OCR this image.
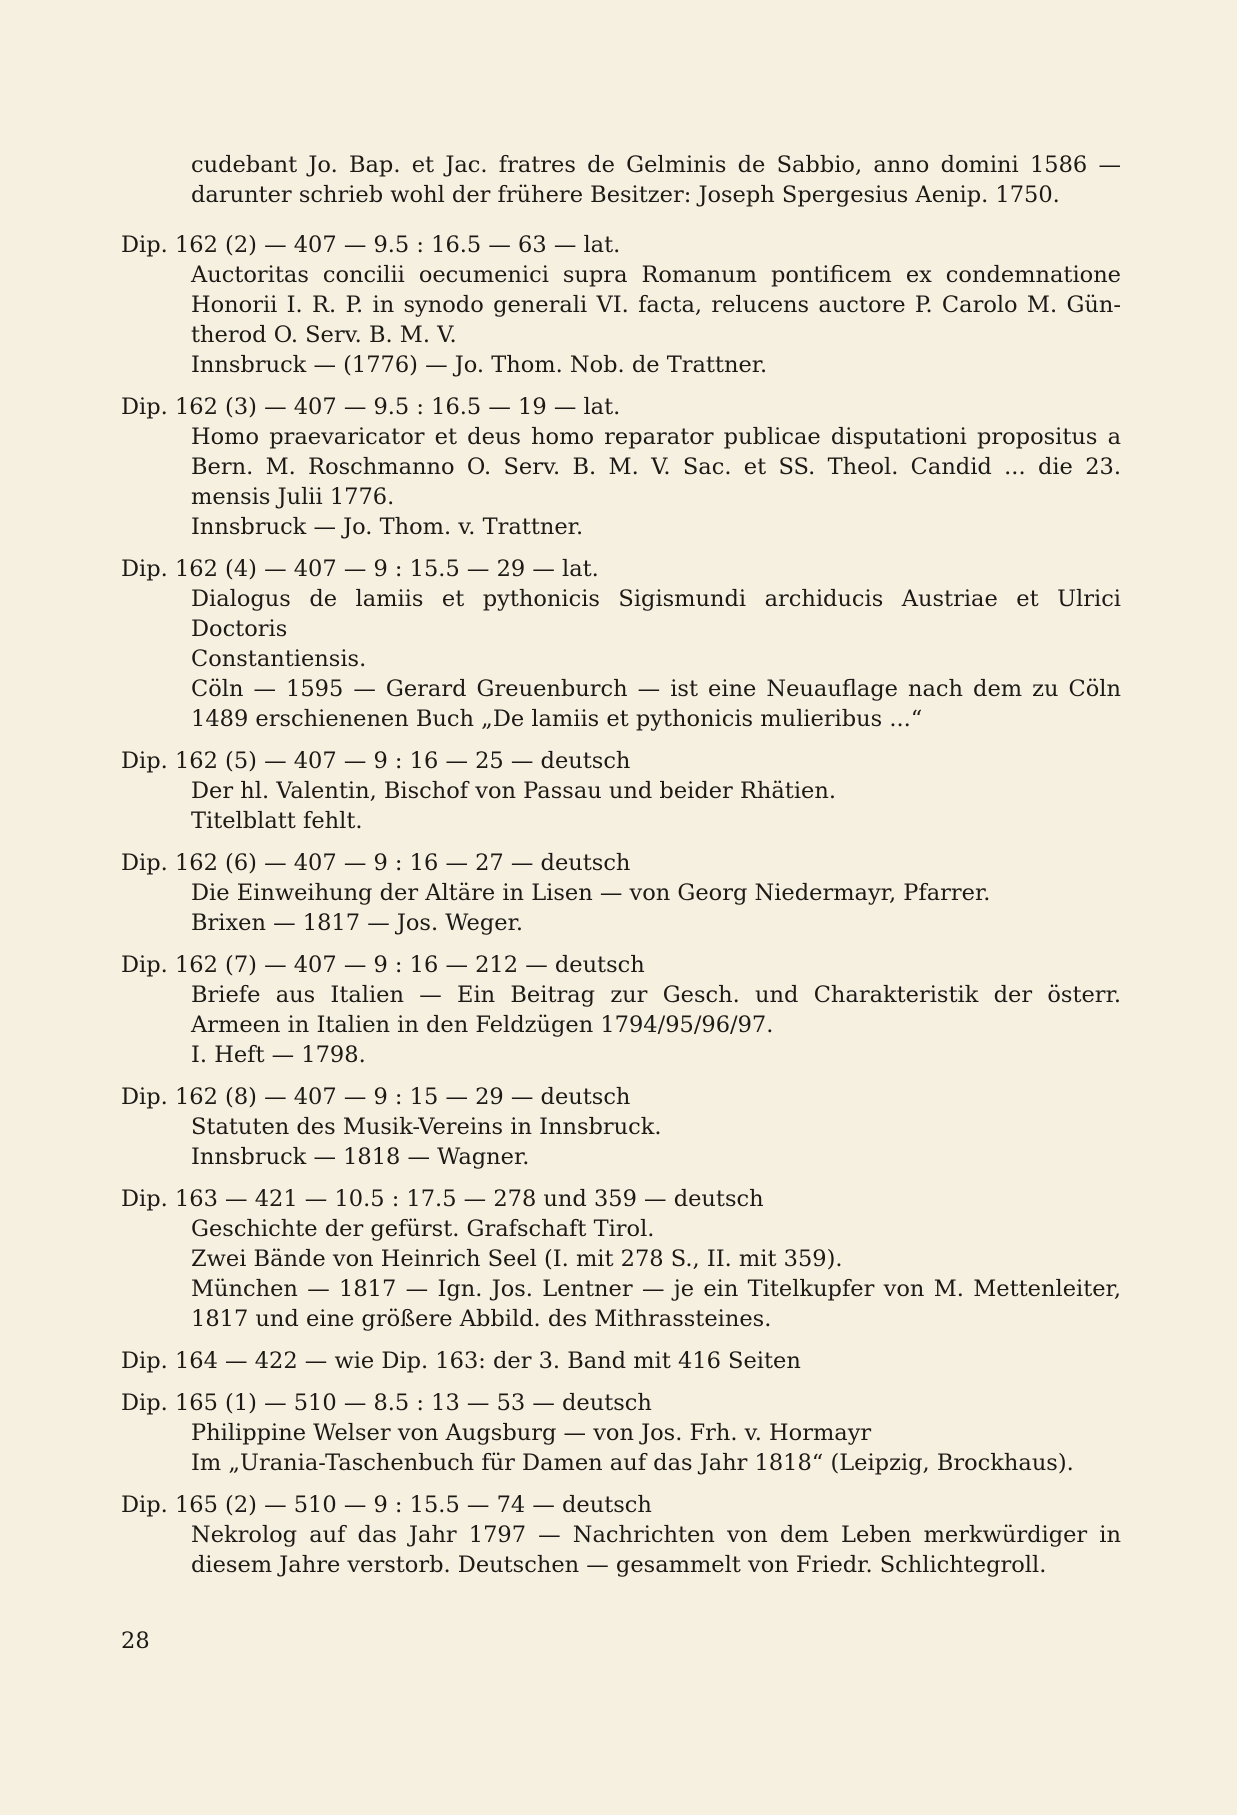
cudebant Jo. Bap. et Jac. fratres de Gelminis de Sabbio, anno domini 1586 —
darunter schrieb wohl der frühere Besitzer: Joseph Spergesius Aenip. 1750.
Dip. 162 (2) — 407 — 9.5 : 16.5 — 63 — lat.
Auctoritas concilii oecumenici supra Romanum pontificem ex condemnatione
Honorii I. R. P. in synodo generali VI. facta, relucens auctore P. Carolo M. Gün-
therod O. Serv. B. M. V.
Innsbruck — (1776) — Jo. Thom. Nob. de Trattner.
Dip. 162 (3) — 407 — 9.5 : 16.5 — 19 — lat.
Homo praevaricator et deus homo reparator publicae disputationi propositus a
Bern. M. Roschmanno O. Serv. B. M. V. Sac. et SS. Theol. Candid ... die 23.
mensis Julii 1776.
Innsbruck — Jo. Thom. v. Trattner.
Dip. 162 (4) — 407 — 9 : 15.5 — 29 — lat.
Dialogus de lamiis et pythonicis Sigismundi archiducis Austriae et Ulrici Doctoris
Constantiensis.
Cöln — 1595 — Gerard Greuenburch — ist eine Neuauflage nach dem zu Cöln
1489 erschienenen Buch „De lamiis et pythonicis mulieribus ...“
Dip. 162 (5) — 407 — 9 : 16 — 25 — deutsch
Der hl. Valentin, Bischof von Passau und beider Rhätien.
Titelblatt fehlt.
Dip. 162 (6) — 407 — 9 : 16 — 27 — deutsch
Die Einweihung der Altäre in Lisen — von Georg Niedermayr, Pfarrer.
Brixen — 1817 — Jos. Weger.
Dip. 162 (7) — 407 — 9 : 16 — 212 — deutsch
Briefe aus Italien — Ein Beitrag zur Gesch. und Charakteristik der österr.
Armeen in Italien in den Feldzügen 1794/95/96/97.
I. Heft — 1798.
Dip. 162 (8) — 407 — 9 : 15 — 29 — deutsch
Statuten des Musik-Vereins in Innsbruck.
Innsbruck — 1818 — Wagner.
Dip. 163 — 421 — 10.5 : 17.5 — 278 und 359 — deutsch
Geschichte der gefürst. Grafschaft Tirol.
Zwei Bände von Heinrich Seel (I. mit 278 S., II. mit 359).
München — 1817 — Ign. Jos. Lentner — je ein Titelkupfer von M. Mettenleiter,
1817 und eine größere Abbild. des Mithrassteines.
Dip. 164 — 422 — wie Dip. 163: der 3. Band mit 416 Seiten
Dip. 165 (1) — 510 — 8.5 : 13 — 53 — deutsch
Philippine Welser von Augsburg — von Jos. Frh. v. Hormayr
Im „Urania-Taschenbuch für Damen auf das Jahr 1818“ (Leipzig, Brockhaus).
Dip. 165 (2) — 510 — 9 : 15.5 — 74 — deutsch
Nekrolog auf das Jahr 1797 — Nachrichten von dem Leben merkwürdiger in
diesem Jahre verstorb. Deutschen — gesammelt von Friedr. Schlichtegroll.
28
